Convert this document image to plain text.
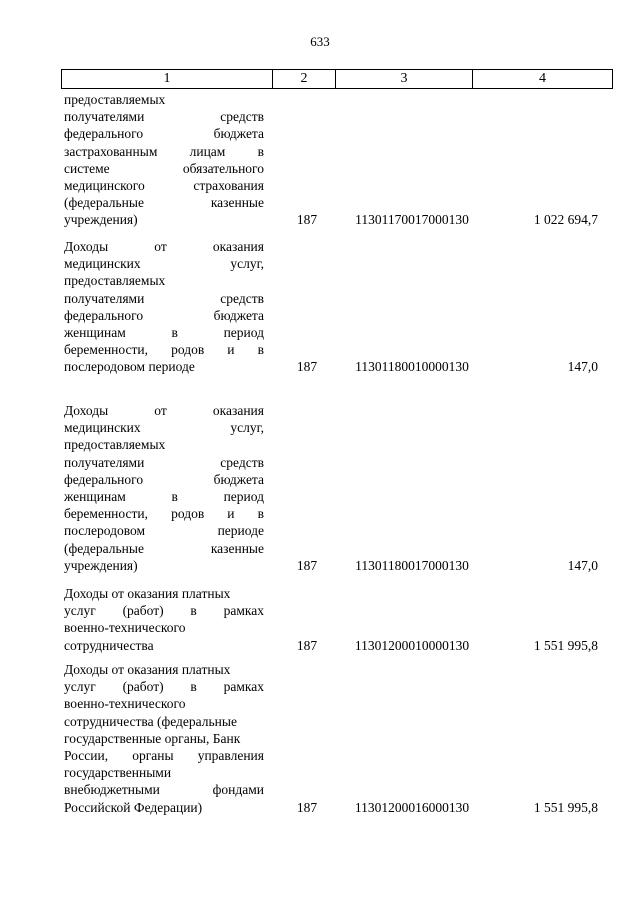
633
1	2	3	4
предоставляемых
получателями	средств
федерального	бюджета
застрахованным лицам в
системе	обязательного
медицинского	страхования
(федеральные	казенные
учреждения)	187	11301170017000130	1 022 694,7
Доходы	от	оказания
медицинских	услуг,
предоставляемых
получателями	средств
федерального	бюджета
женщинам	в	период
беременности, родов и в
послеродовом периоде	187	11301180010000130	147,0
Доходы	от	оказания
медицинских	услуг,
предоставляемых
получателями	средств
федерального	бюджета
женщинам	в	период
беременности, родов и в
послеродовом	периоде
(федеральные	казенные
учреждения)	187	11301180017000130	147,0
Доходы от оказания платных
услуг (работ) в рамках
военно-технического
сотрудничества	187	11301200010000130	1 551 995,8
Доходы от оказания платных
услуг (работ) в рамках
военно-технического
сотрудничества (федеральные
государственные органы, Банк
России, органы управления
государственными
внебюджетными	фондами
Российской Федерации)	187	11301200016000130	1 551 995,8
